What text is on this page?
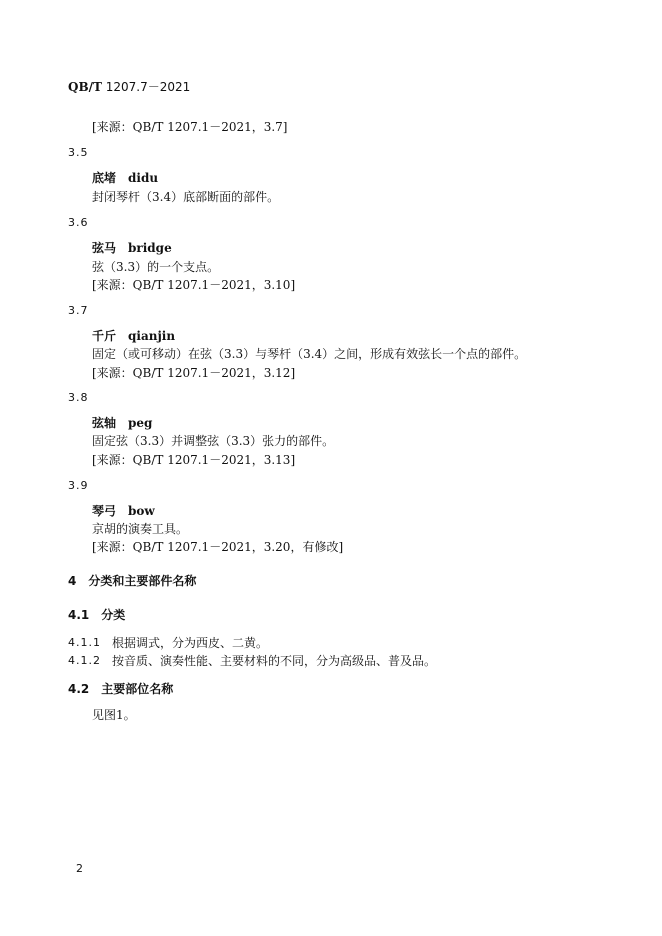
QB/T 1207.7－2021
[来源：QB/T 1207.1－2021，3.7]
3.5
底堵 didu
封闭琴杆（3.4）底部断面的部件。
3.6
弦马 bridge
弦（3.3）的一个支点。
[来源：QB/T 1207.1－2021，3.10]
3.7
千斤 qianjin
固定（或可移动）在弦（3.3）与琴杆（3.4）之间，形成有效弦长一个点的部件。
[来源：QB/T 1207.1－2021，3.12]
3.8
弦轴 peg
固定弦（3.3）并调整弦（3.3）张力的部件。
[来源：QB/T 1207.1－2021，3.13]
3.9
琴弓 bow
京胡的演奏工具。
[来源：QB/T 1207.1－2021，3.20，有修改]
4 分类和主要部件名称
4.1 分类
4.1.1 根据调式，分为西皮、二黄。
4.1.2 按音质、演奏性能、主要材料的不同，分为高级品、普及品。
4.2 主要部位名称
见图1。
2
